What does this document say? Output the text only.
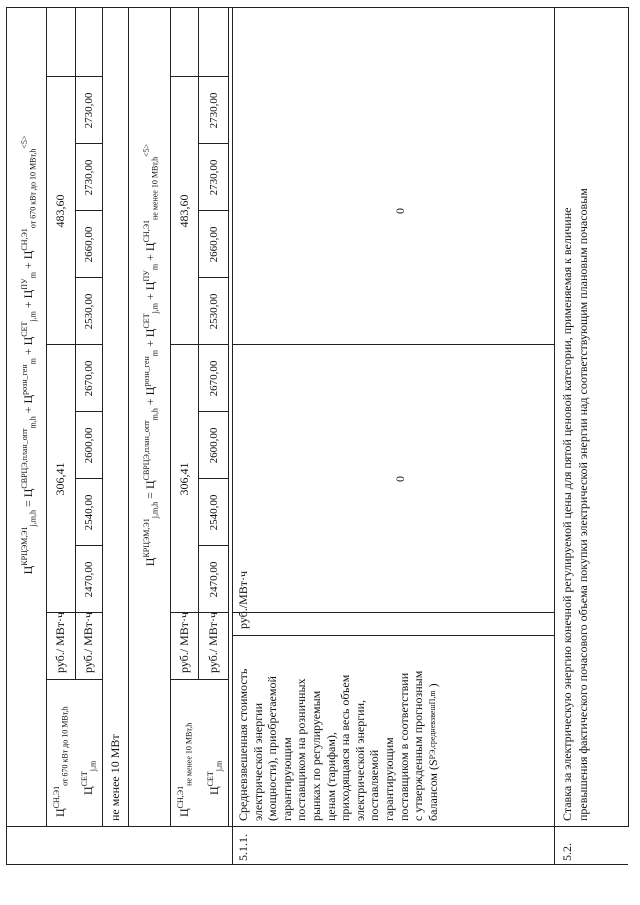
$Ц^{КРЦЭМ,Э1}_{j,m,h} = Ц^{СВРЦЭ,план\_опт}_{m,h} + Ц^{розн\_ген}_m + Ц^{СЕТ}_{j,m} + Ц^{ПУ}_m + Ц^{СН,Э1}_{от 670 кВт до 10 МВт,h}^{<5>}$
$Ц^{СН,Э1}_{от 670 кВт до 10 МВт,h}$
руб./ МВт·ч
306,41
483,60
$Ц^{СЕТ}_{j,m}$
руб./ МВт·ч
2470,00
2540,00
2600,00
2670,00
2530,00
2660,00
2730,00
2730,00
не менее 10 МВт
$Ц^{КРЦЭМ,Э1}_{j,m,h} = Ц^{СВРЦЭ,план\_опт}_{m,h} + Ц^{розн\_ген}_m + Ц^{СЕТ}_{j,m} + Ц^{ПУ}_m + Ц^{СН,Э1}_{не менее 10 МВт,h}^{<5>}$
$Ц^{СН,Э1}_{не менее 10 МВт,h}$
руб./ МВт·ч
306,41
483,60
$Ц^{СЕТ}_{j,m}$
руб./ МВт·ч
2470,00
2540,00
2600,00
2670,00
2530,00
2660,00
2730,00
2730,00
5.1.1.
Средневзвешенная стоимость электрической энергии (мощности), приобретаемой гарантирующим поставщиком на розничных рынках по регулируемым ценам (тарифам), приходящаяся на весь объем электрической энергии, поставляемой гарантирующим поставщиком в соответствии с утвержденным прогнозным балансом (S
РЭ,средневзвеш
П,m

)
руб./МВт·ч
0
0
5.2.
Ставка за электрическую энергию конечной регулируемой цены для пятой ценовой категории, применяемая к величине превышения фактического почасового объема покупки электрической энергии над соответствующим плановым почасовым
